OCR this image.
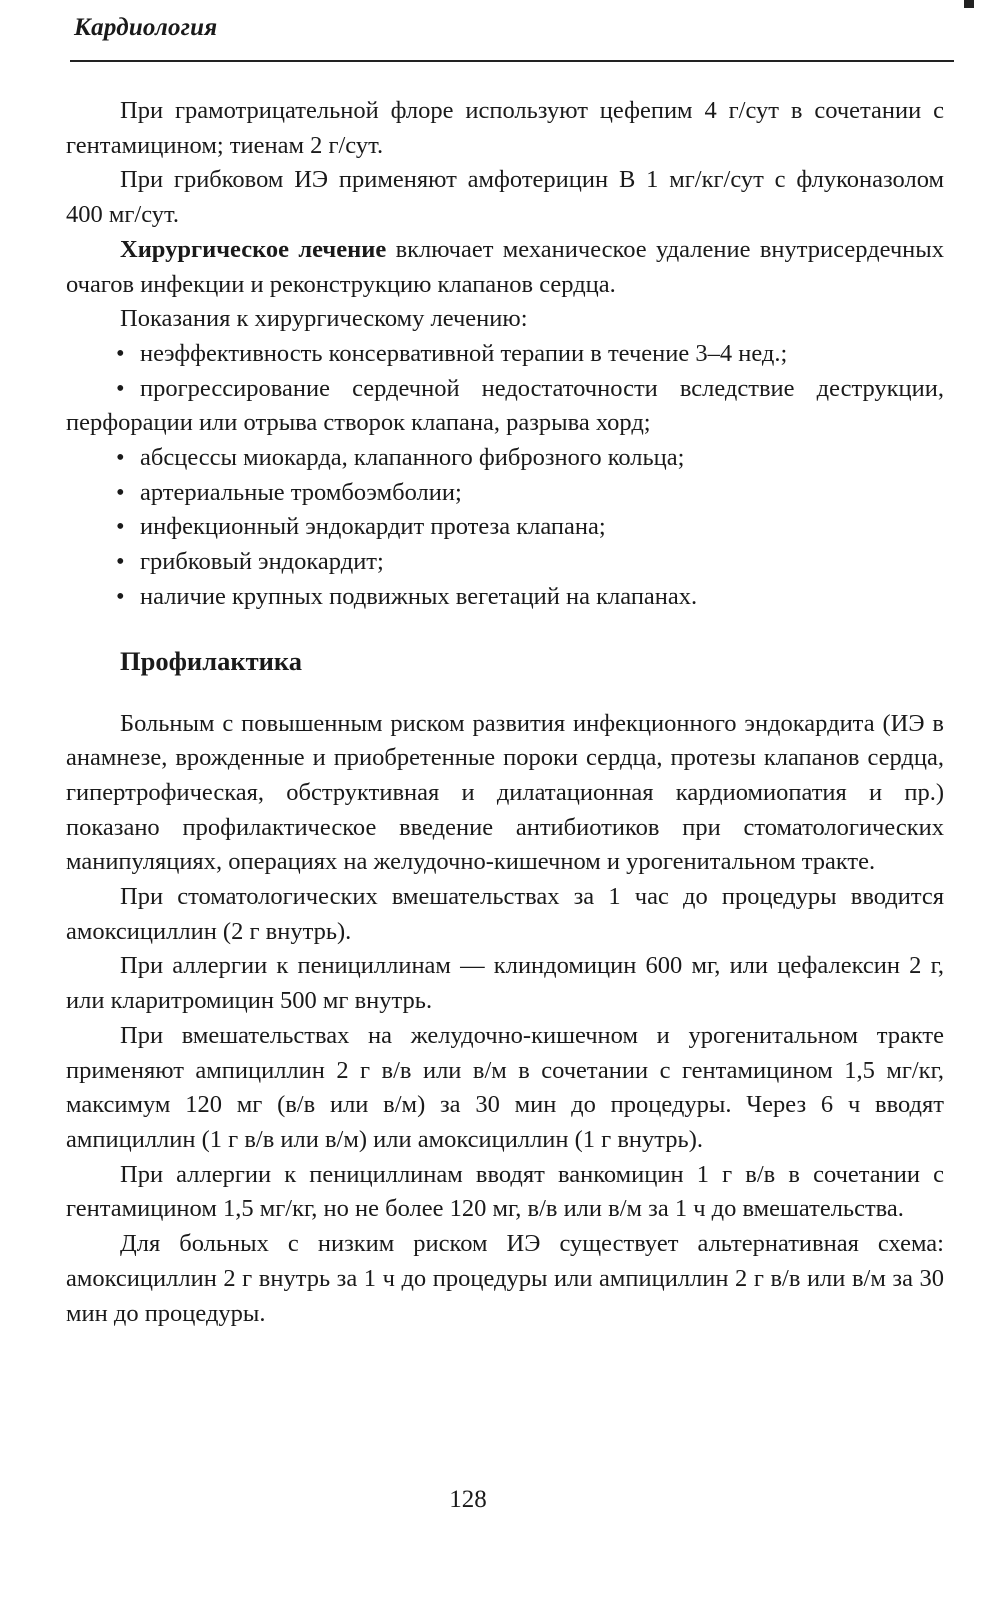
Кардиология

При грамотрицательной флоре используют цефепим 4 г/сут в сочетании с гентамицином; тиенам 2 г/сут.

При грибковом ИЭ применяют амфотерицин В 1 мг/кг/сут с флуконазолом 400 мг/сут.

Хирургическое лечение включает механическое удаление внутрисердечных очагов инфекции и реконструкцию клапанов сердца.

Показания к хирургическому лечению:

• неэффективность консервативной терапии в течение 3–4 нед.;
• прогрессирование сердечной недостаточности вследствие деструкции, перфорации или отрыва створок клапана, разрыва хорд;
• абсцессы миокарда, клапанного фиброзного кольца;
• артериальные тромбоэмболии;
• инфекционный эндокардит протеза клапана;
• грибковый эндокардит;
• наличие крупных подвижных вегетаций на клапанах.
Профилактика

Больным с повышенным риском развития инфекционного эндокардита (ИЭ в анамнезе, врожденные и приобретенные пороки сердца, протезы клапанов сердца, гипертрофическая, обструктивная и дилатационная кардиомиопатия и пр.) показано профилактическое введение антибиотиков при стоматологических манипуляциях, операциях на желудочно-кишечном и урогенитальном тракте.

При стоматологических вмешательствах за 1 час до процедуры вводится амоксициллин (2 г внутрь).

При аллергии к пенициллинам — клиндомицин 600 мг, или цефалексин 2 г, или кларитромицин 500 мг внутрь.

При вмешательствах на желудочно-кишечном и урогенитальном тракте применяют ампициллин 2 г в/в или в/м в сочетании с гентамицином 1,5 мг/кг, максимум 120 мг (в/в или в/м) за 30 мин до процедуры. Через 6 ч вводят ампициллин (1 г в/в или в/м) или амоксициллин (1 г внутрь).

При аллергии к пенициллинам вводят ванкомицин 1 г в/в в сочетании с гентамицином 1,5 мг/кг, но не более 120 мг, в/в или в/м за 1 ч до вмешательства.

Для больных с низким риском ИЭ существует альтернативная схема: амоксициллин 2 г внутрь за 1 ч до процедуры или ампициллин 2 г в/в или в/м за 30 мин до процедуры.

128
